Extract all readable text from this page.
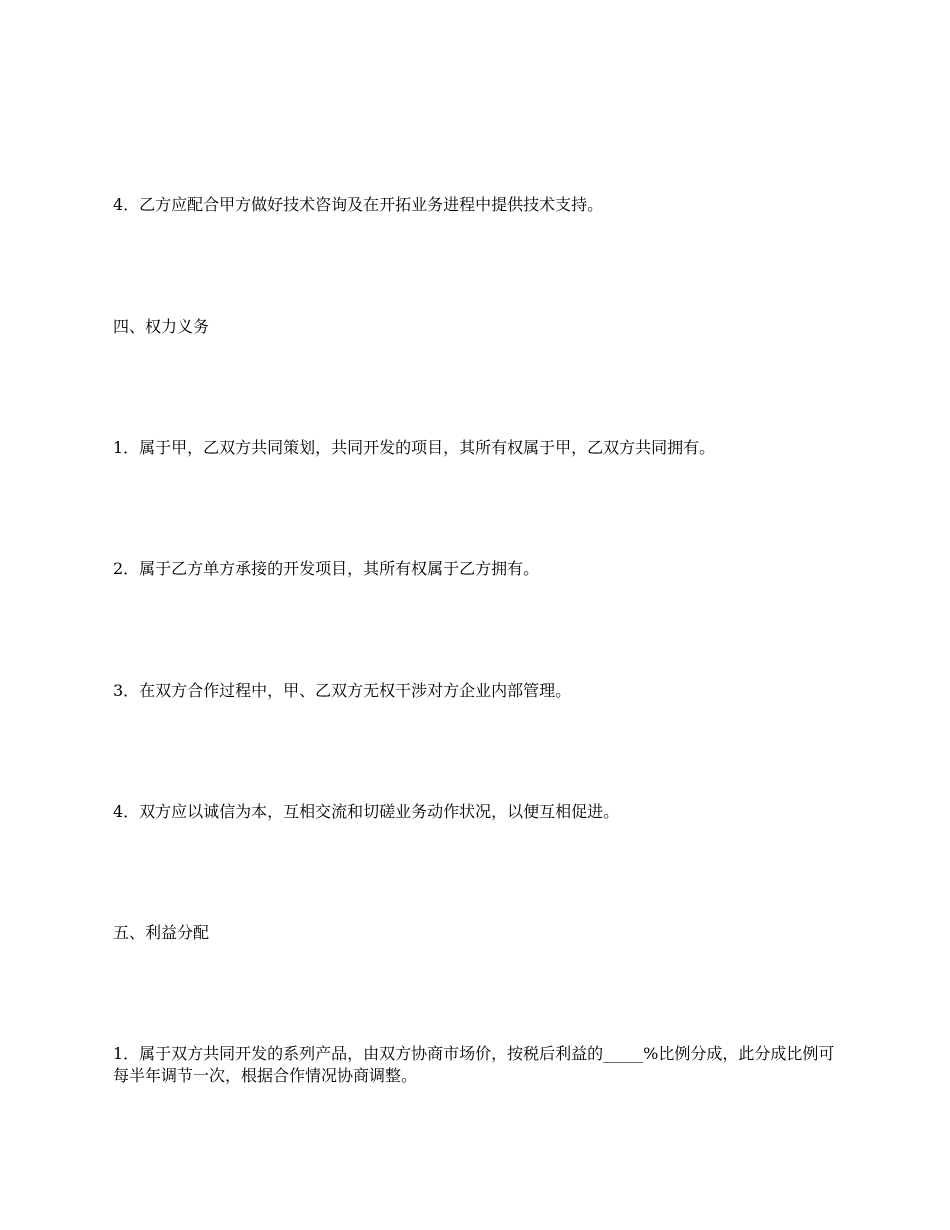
4．乙方应配合甲方做好技术咨询及在开拓业务进程中提供技术支持。

四、权力义务

1．属于甲，乙双方共同策划，共同开发的项目，其所有权属于甲，乙双方共同拥有。

2．属于乙方单方承接的开发项目，其所有权属于乙方拥有。

3．在双方合作过程中，甲、乙双方无权干涉对方企业内部管理。

4．双方应以诚信为本，互相交流和切磋业务动作状况，以便互相促进。

五、利益分配

1．属于双方共同开发的系列产品，由双方协商市场价，按税后利益的_____%比例分成，此分成比例可每半年调节一次，根据合作情况协商调整。
